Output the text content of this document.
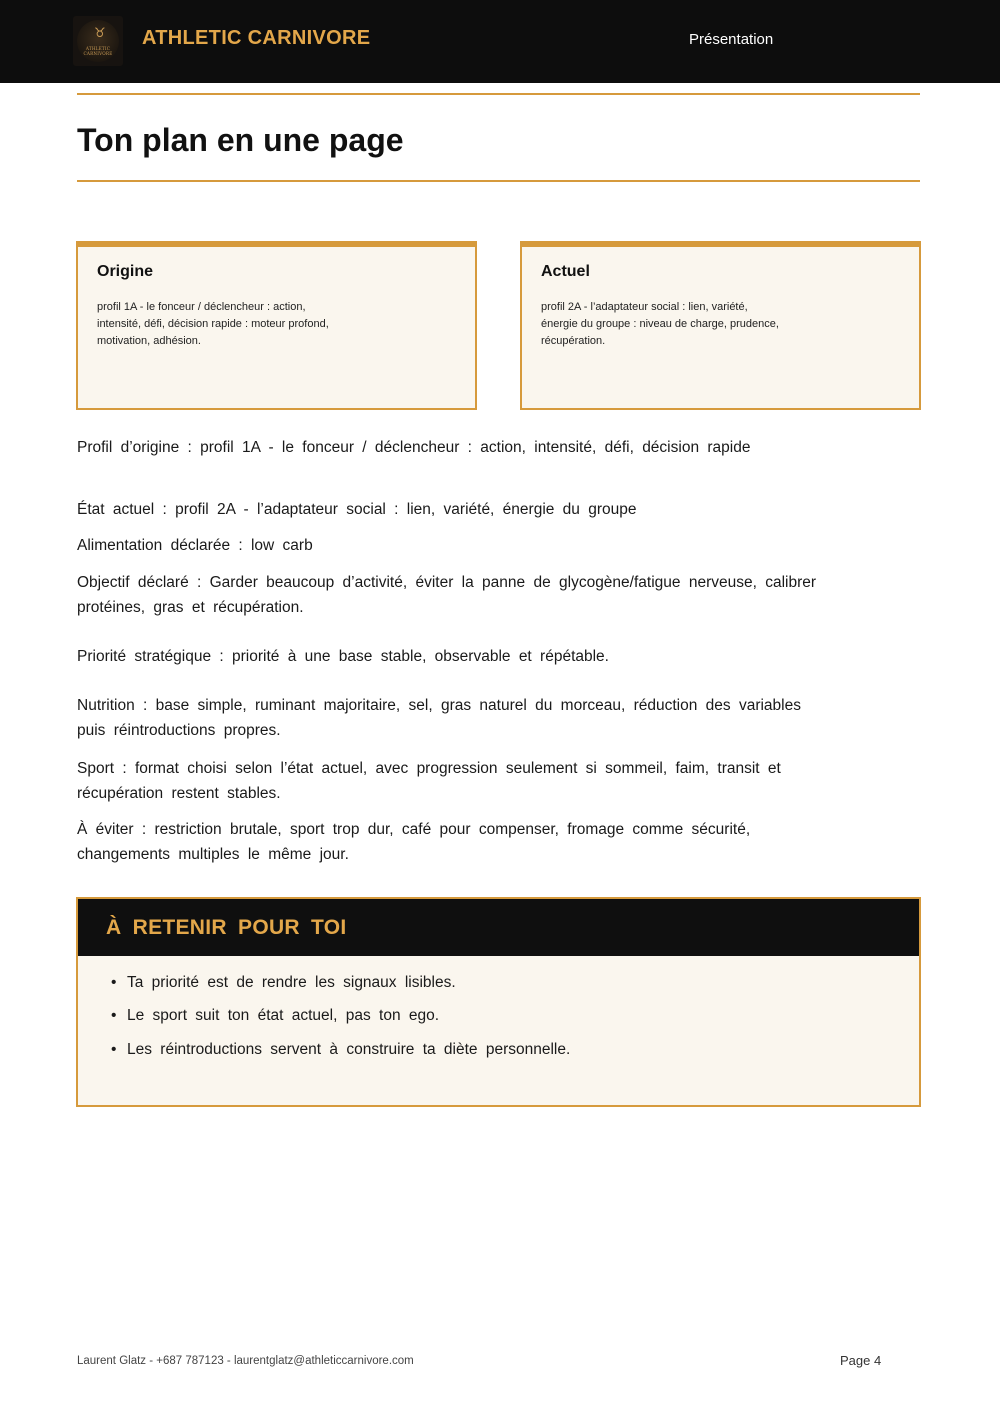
♉
ATHLETIC
CARNIVORE
ATHLETIC CARNIVORE	Présentation
Ton plan en une page
Origine
profil 1A - le fonceur / déclencheur : action, intensité, défi, décision rapide : moteur profond, motivation, adhésion.
Actuel
profil 2A - l’adaptateur social : lien, variété, énergie du groupe : niveau de charge, prudence, récupération.

Profil d’origine : profil 1A - le fonceur / déclencheur : action, intensité, défi, décision rapide

État actuel : profil 2A - l’adaptateur social : lien, variété, énergie du groupe

Alimentation déclarée : low carb

Objectif déclaré : Garder beaucoup d’activité, éviter la panne de glycogène/fatigue nerveuse, calibrer protéines, gras et récupération.

Priorité stratégique : priorité à une base stable, observable et répétable.

Nutrition : base simple, ruminant majoritaire, sel, gras naturel du morceau, réduction des variables puis réintroductions propres.

Sport : format choisi selon l’état actuel, avec progression seulement si sommeil, faim, transit et récupération restent stables.

À éviter : restriction brutale, sport trop dur, café pour compenser, fromage comme sécurité, changements multiples le même jour.

À RETENIR POUR TOI
• Ta priorité est de rendre les signaux lisibles.
• Le sport suit ton état actuel, pas ton ego.
• Les réintroductions servent à construire ta diète personnelle.
Laurent Glatz - +687 787123 - laurentglatz@athleticcarnivore.com	Page 4
